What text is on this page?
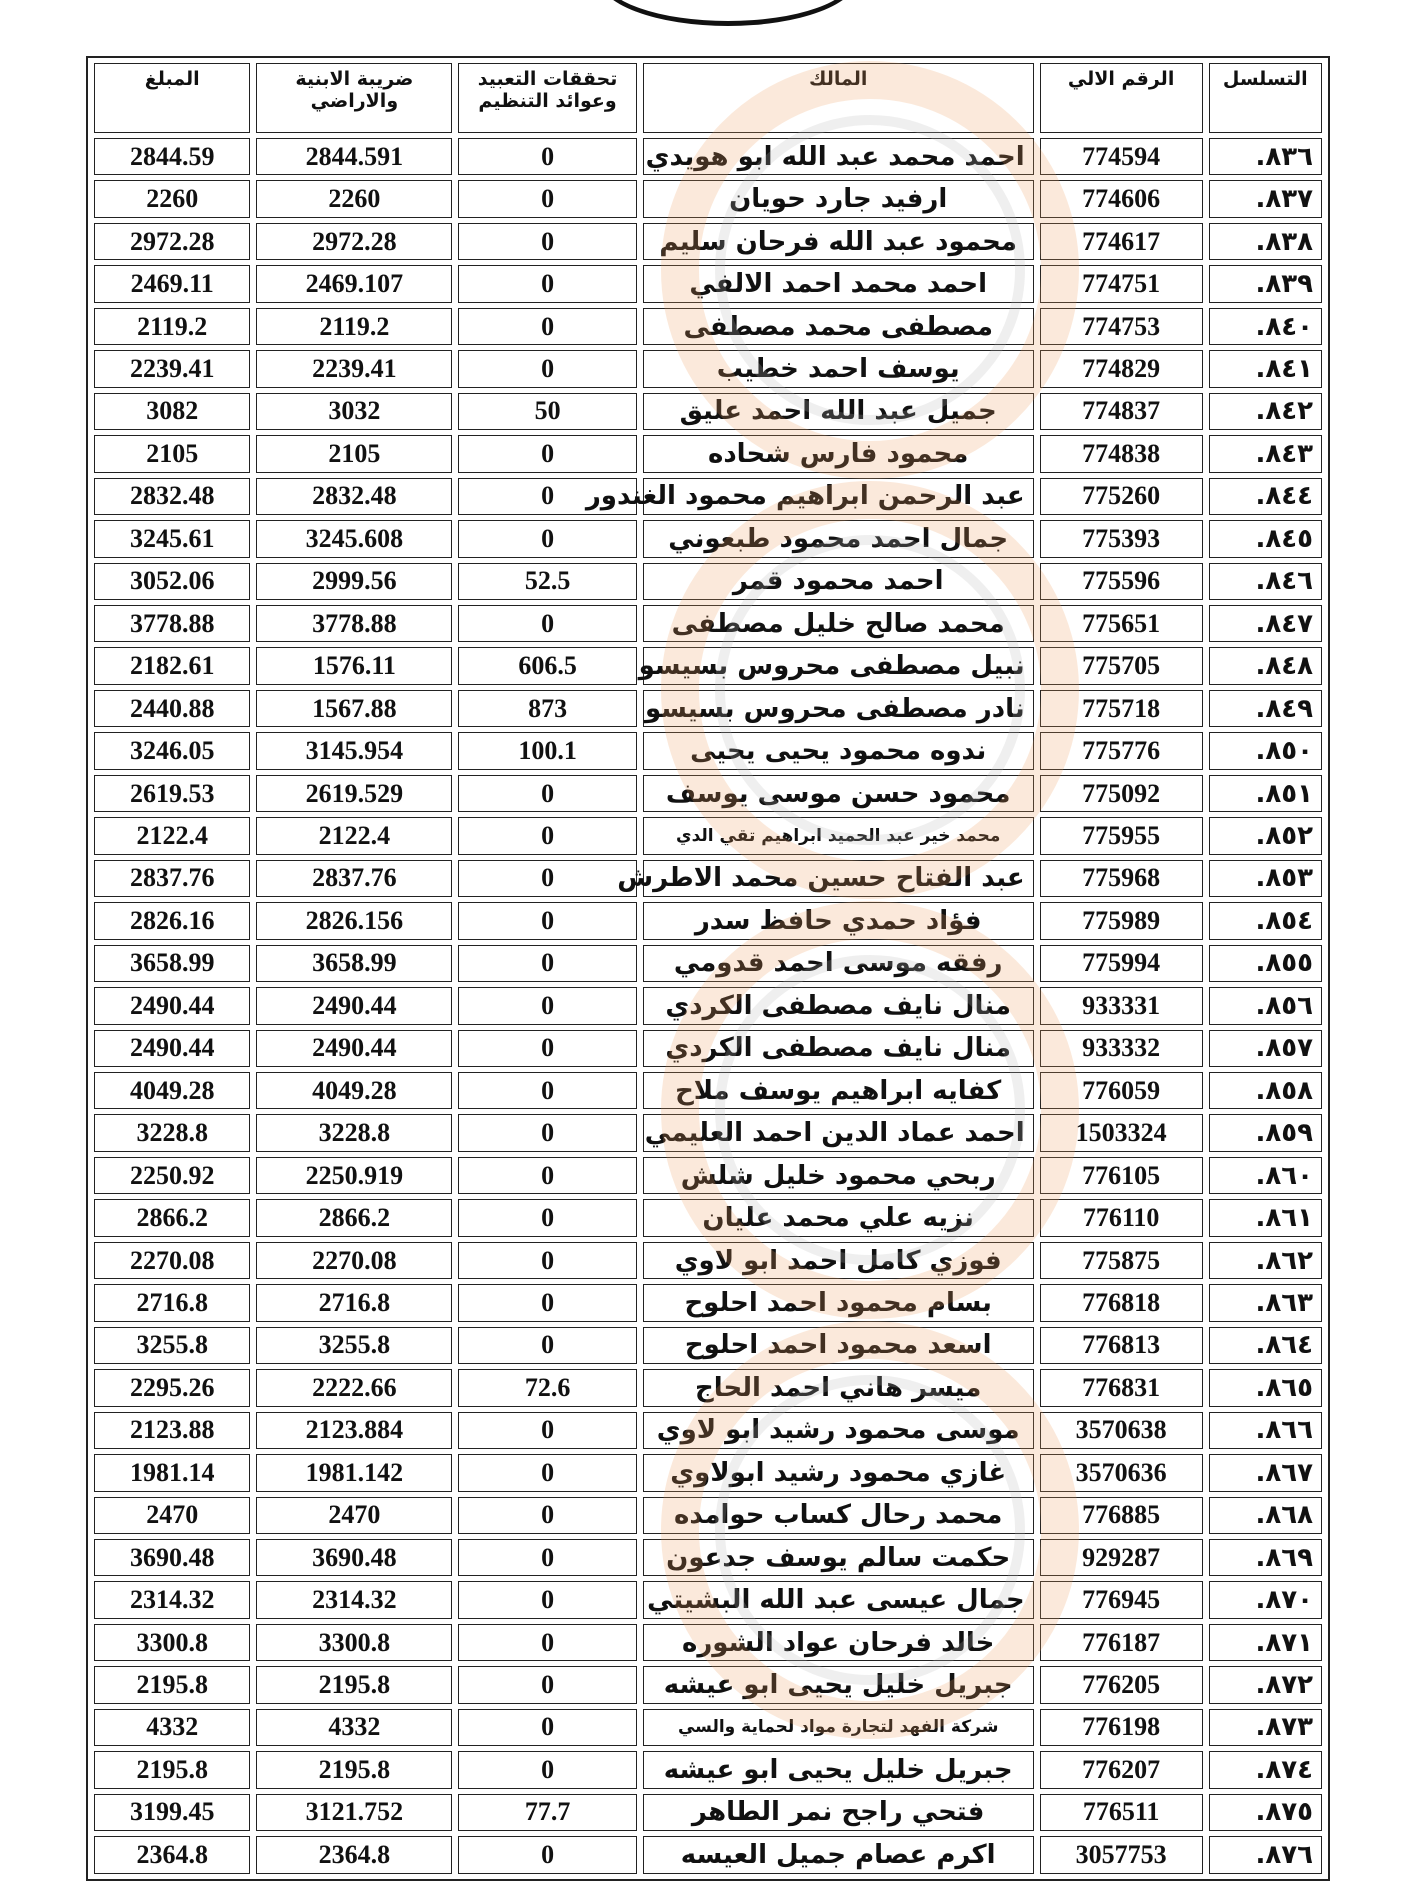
التسلسل	الرقم الالي	المالك	تحققات التعبيد وعوائد التنظيم	ضريبة الابنية والاراضي	المبلغ
٨٣٦.	774594	احمد محمد عبد الله ابو هويدي	0	2844.591	2844.59
٨٣٧.	774606	ارفيد جارد حويان	0	2260	2260
٨٣٨.	774617	محمود عبد الله فرحان سليم	0	2972.28	2972.28
٨٣٩.	774751	احمد محمد احمد الالفي	0	2469.107	2469.11
٨٤٠.	774753	مصطفى محمد مصطفى	0	2119.2	2119.2
٨٤١.	774829	يوسف احمد خطيب	0	2239.41	2239.41
٨٤٢.	774837	جميل عبد الله احمد عليق	50	3032	3082
٨٤٣.	774838	محمود فارس شحاده	0	2105	2105
٨٤٤.	775260	عبد الرحمن ابراهيم محمود الغندور	0	2832.48	2832.48
٨٤٥.	775393	جمال احمد محمود طبعوني	0	3245.608	3245.61
٨٤٦.	775596	احمد محمود قمر	52.5	2999.56	3052.06
٨٤٧.	775651	محمد صالح خليل مصطفى	0	3778.88	3778.88
٨٤٨.	775705	نبيل مصطفى محروس بسيسو	606.5	1576.11	2182.61
٨٤٩.	775718	نادر مصطفى محروس بسيسو	873	1567.88	2440.88
٨٥٠.	775776	ندوه محمود يحيى يحيى	100.1	3145.954	3246.05
٨٥١.	775092	محمود حسن موسى يوسف	0	2619.529	2619.53
٨٥٢.	775955	محمد خير عبد الحميد ابراهيم تقي الدي	0	2122.4	2122.4
٨٥٣.	775968	عبد الفتاح حسين محمد الاطرش	0	2837.76	2837.76
٨٥٤.	775989	فؤاد حمدي حافظ سدر	0	2826.156	2826.16
٨٥٥.	775994	رفقه موسى احمد قدومي	0	3658.99	3658.99
٨٥٦.	933331	منال نايف مصطفى الكردي	0	2490.44	2490.44
٨٥٧.	933332	منال نايف مصطفى الكردي	0	2490.44	2490.44
٨٥٨.	776059	كفايه ابراهيم يوسف ملاح	0	4049.28	4049.28
٨٥٩.	1503324	احمد عماد الدين احمد العليمي	0	3228.8	3228.8
٨٦٠.	776105	ربحي محمود خليل شلش	0	2250.919	2250.92
٨٦١.	776110	نزيه علي محمد عليان	0	2866.2	2866.2
٨٦٢.	775875	فوزي كامل احمد ابو لاوي	0	2270.08	2270.08
٨٦٣.	776818	بسام محمود احمد احلوح	0	2716.8	2716.8
٨٦٤.	776813	اسعد محمود احمد احلوح	0	3255.8	3255.8
٨٦٥.	776831	ميسر هاني احمد الحاج	72.6	2222.66	2295.26
٨٦٦.	3570638	موسى محمود رشيد ابو لاوي	0	2123.884	2123.88
٨٦٧.	3570636	غازي محمود رشيد ابولاوي	0	1981.142	1981.14
٨٦٨.	776885	محمد رحال كساب حوامده	0	2470	2470
٨٦٩.	929287	حكمت سالم يوسف جدعون	0	3690.48	3690.48
٨٧٠.	776945	جمال عيسى عبد الله البشيتي	0	2314.32	2314.32
٨٧١.	776187	خالد فرحان عواد الشوره	0	3300.8	3300.8
٨٧٢.	776205	جبريل خليل يحيى ابو عيشه	0	2195.8	2195.8
٨٧٣.	776198	شركة الفهد لتجارة مواد لحماية والسي	0	4332	4332
٨٧٤.	776207	جبريل خليل يحيى ابو عيشه	0	2195.8	2195.8
٨٧٥.	776511	فتحي راجح نمر الطاهر	77.7	3121.752	3199.45
٨٧٦.	3057753	اكرم عصام جميل العيسه	0	2364.8	2364.8
